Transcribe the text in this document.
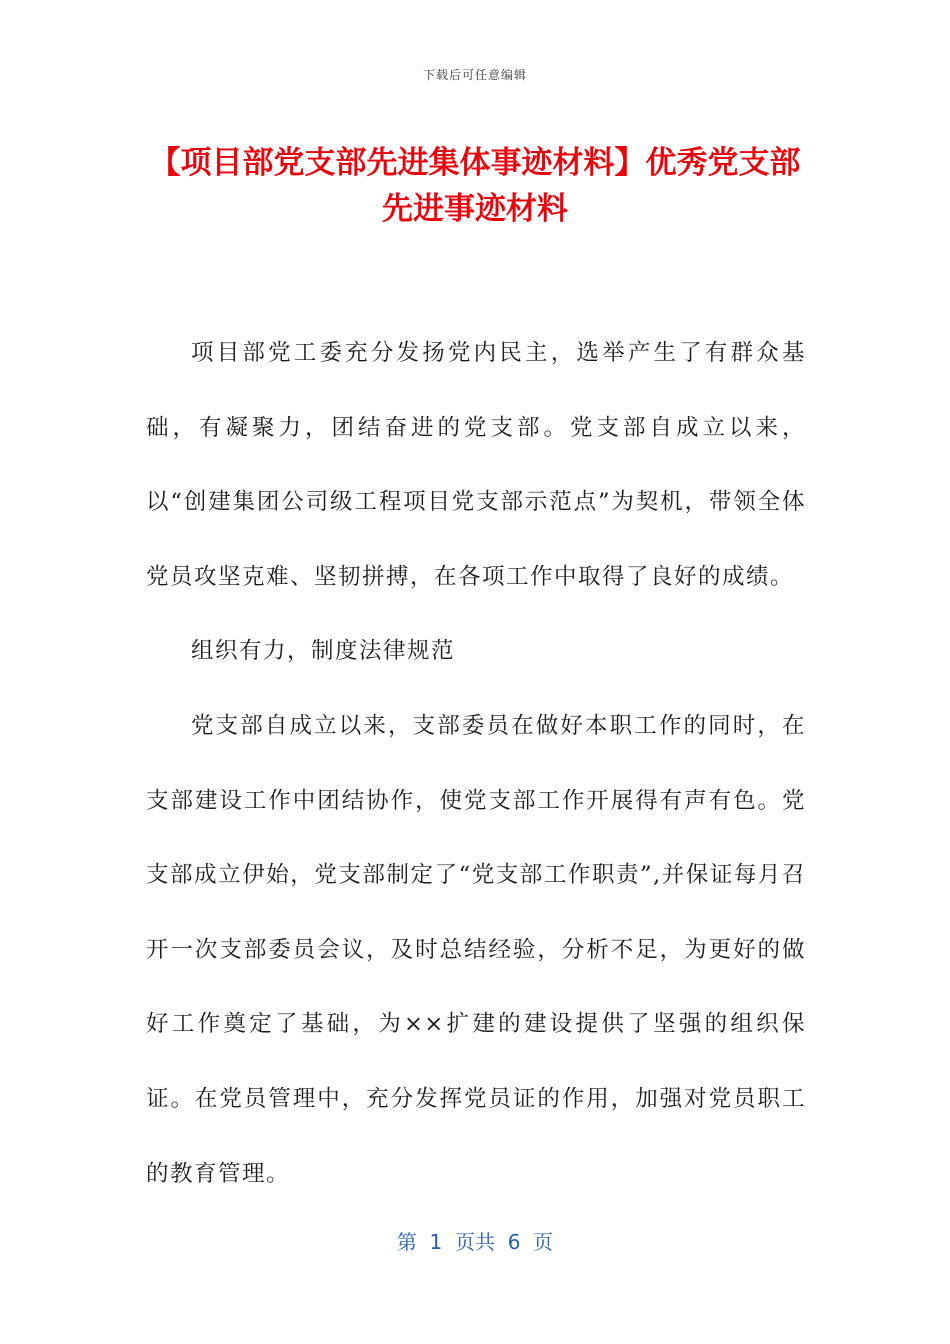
下载后可任意编辑
【项目部党支部先进集体事迹材料】优秀党支部先进事迹材料

项目部党工委充分发扬党内民主，选举产生了有群众基础，有凝聚力，团结奋进的党支部。党支部自成立以来，以“创建集团公司级工程项目党支部示范点”为契机，带领全体党员攻坚克难、坚韧拼搏，在各项工作中取得了良好的成绩。

组织有力，制度法律规范

党支部自成立以来，支部委员在做好本职工作的同时，在支部建设工作中团结协作，使党支部工作开展得有声有色。党支部成立伊始，党支部制定了“党支部工作职责”,并保证每月召开一次支部委员会议，及时总结经验，分析不足，为更好的做好工作奠定了基础，为××扩建的建设提供了坚强的组织保证。在党员管理中，充分发挥党员证的作用，加强对党员职工的教育管理。

第  1  页共  6  页
